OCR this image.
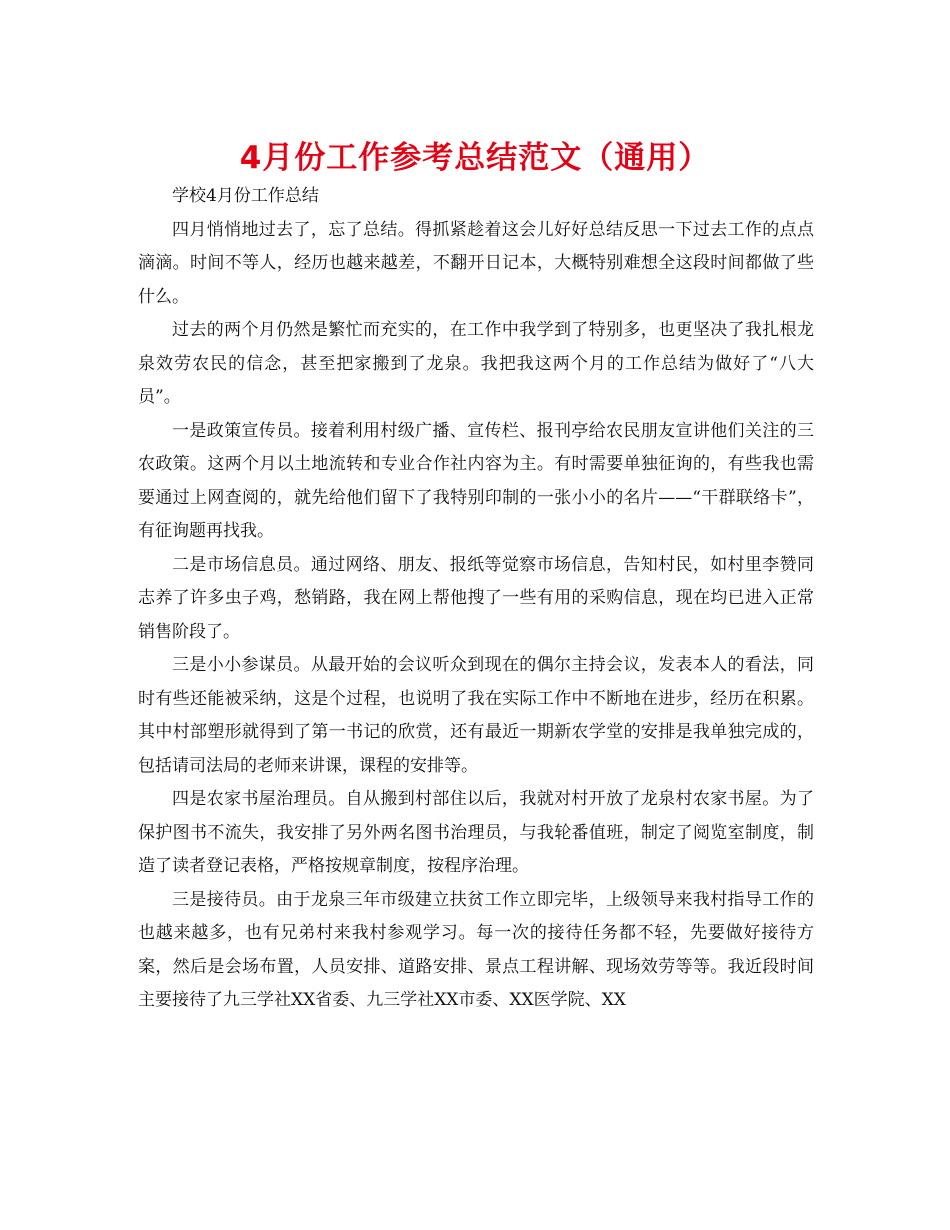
4月份工作参考总结范文（通用）

学校4月份工作总结

四月悄悄地过去了，忘了总结。得抓紧趁着这会儿好好总结反思一下过去工作的点点滴滴。时间不等人，经历也越来越差，不翻开日记本，大概特别难想全这段时间都做了些什么。

过去的两个月仍然是繁忙而充实的，在工作中我学到了特别多，也更坚决了我扎根龙泉效劳农民的信念，甚至把家搬到了龙泉。我把我这两个月的工作总结为做好了“八大员”。

一是政策宣传员。接着利用村级广播、宣传栏、报刊亭给农民朋友宣讲他们关注的三农政策。这两个月以土地流转和专业合作社内容为主。有时需要单独征询的，有些我也需要通过上网查阅的，就先给他们留下了我特别印制的一张小小的名片——“干群联络卡”，有征询题再找我。

二是市场信息员。通过网络、朋友、报纸等觉察市场信息，告知村民，如村里李赞同志养了许多虫子鸡，愁销路，我在网上帮他搜了一些有用的采购信息，现在均已进入正常销售阶段了。

三是小小参谋员。从最开始的会议听众到现在的偶尔主持会议，发表本人的看法，同时有些还能被采纳，这是个过程，也说明了我在实际工作中不断地在进步，经历在积累。其中村部塑形就得到了第一书记的欣赏，还有最近一期新农学堂的安排是我单独完成的，包括请司法局的老师来讲课，课程的安排等。

四是农家书屋治理员。自从搬到村部住以后，我就对村开放了龙泉村农家书屋。为了保护图书不流失，我安排了另外两名图书治理员，与我轮番值班，制定了阅览室制度，制造了读者登记表格，严格按规章制度，按程序治理。

三是接待员。由于龙泉三年市级建立扶贫工作立即完毕，上级领导来我村指导工作的也越来越多，也有兄弟村来我村参观学习。每一次的接待任务都不轻，先要做好接待方案，然后是会场布置，人员安排、道路安排、景点工程讲解、现场效劳等等。我近段时间主要接待了九三学社XX省委、九三学社XX市委、XX医学院、XX
